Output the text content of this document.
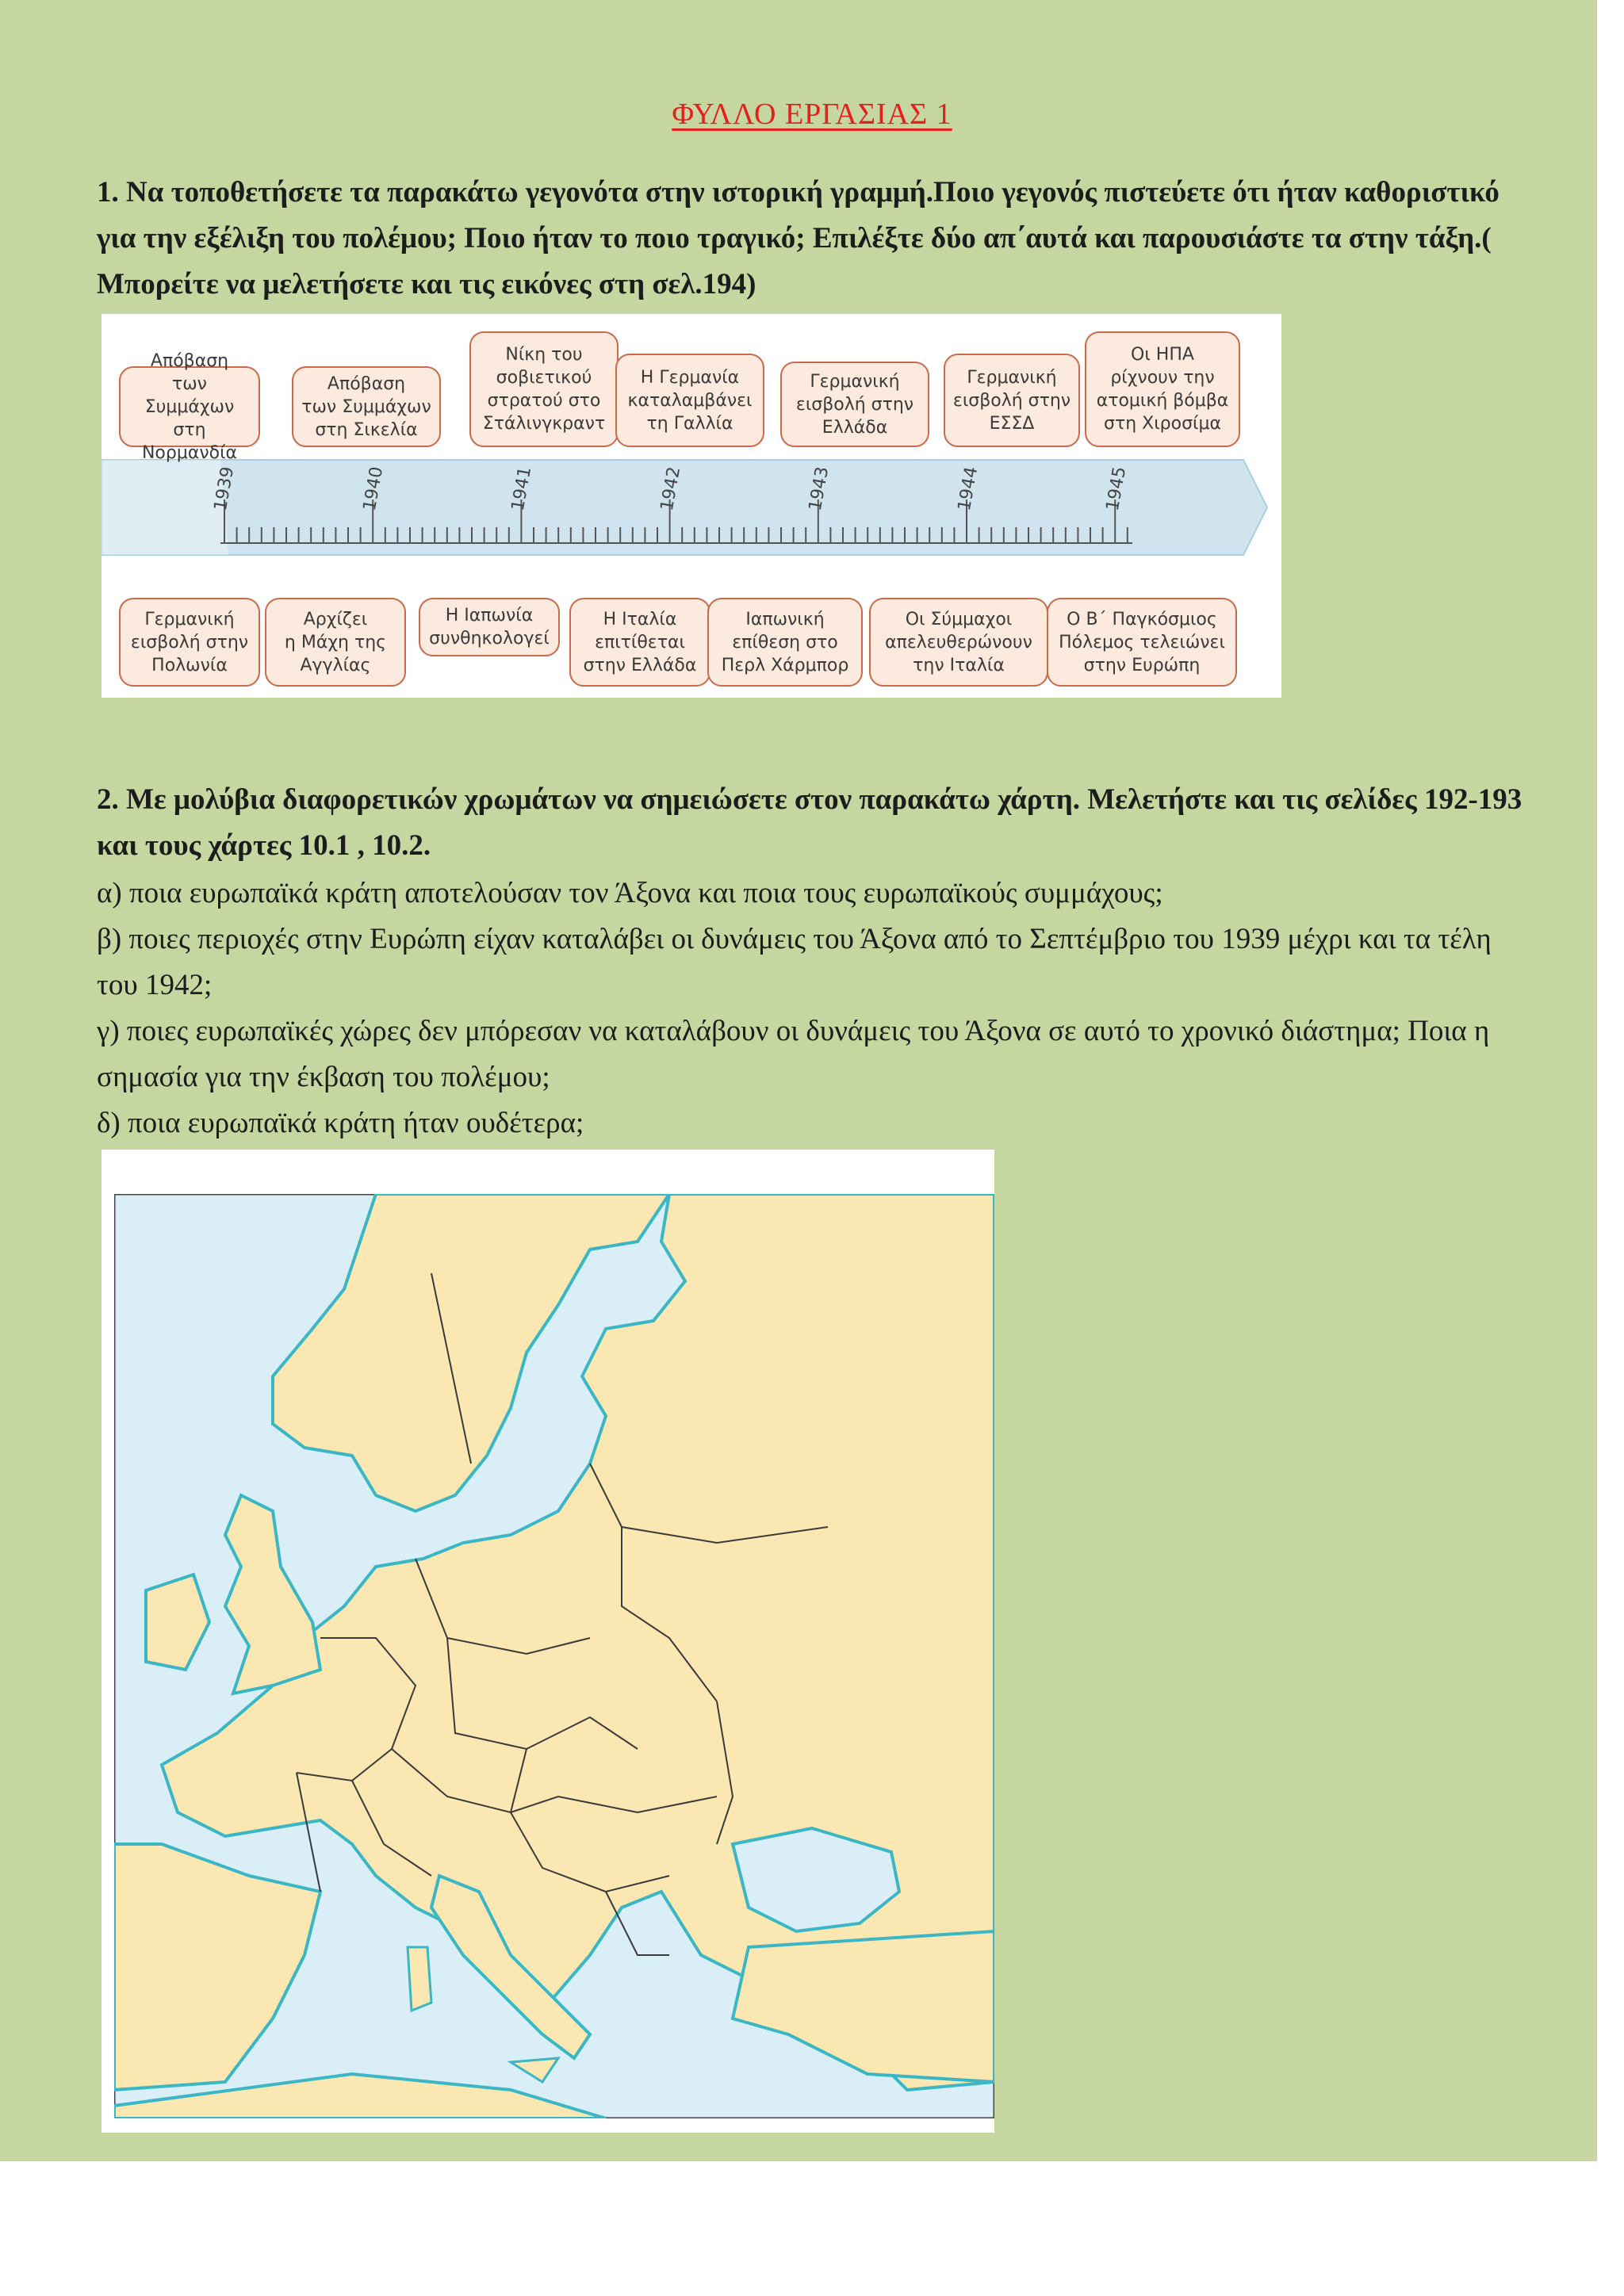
ΦΥΛΛΟ ΕΡΓΑΣΙΑΣ 1
1. Να τοποθετήσετε τα παρακάτω γεγονότα στην ιστορική γραμμή.Ποιο γεγονός πιστεύετε ότι ήταν καθοριστικό για την εξέλιξη του πολέμου; Ποιο ήταν το ποιο τραγικό; Επιλέξτε δύο απ΄αυτά και παρουσιάστε τα στην τάξη.( Μπορείτε να μελετήσετε και τις εικόνες στη σελ.194)
1939	1940	1941	1942	1943	1944	1945
Απόβαση
των Συμμάχων
στη Νορμανδία
Απόβαση
των Συμμάχων
στη Σικελία
Νίκη του
σοβιετικού
στρατού στο
Στάλινγκραντ
Η Γερμανία
καταλαμβάνει
τη Γαλλία
Γερμανική
εισβολή στην
Ελλάδα
Γερμανική
εισβολή στην
ΕΣΣΔ
Οι ΗΠΑ
ρίχνουν την
ατομική βόμβα
στη Χιροσίμα
Γερμανική
εισβολή στην
Πολωνία
Αρχίζει
η Μάχη της
Αγγλίας
Η Ιαπωνία
συνθηκολογεί
Η Ιταλία
επιτίθεται
στην Ελλάδα
Ιαπωνική
επίθεση στο
Περλ Χάρμπορ
Οι Σύμμαχοι
απελευθερώνουν
την Ιταλία
Ο Β΄ Παγκόσμιος
Πόλεμος τελειώνει
στην Ευρώπη
2. Με μολύβια διαφορετικών χρωμάτων να σημειώσετε στον παρακάτω χάρτη. Μελετήστε και τις σελίδες 192-193 και τους χάρτες 10.1 , 10.2.
α) ποια ευρωπαϊκά κράτη αποτελούσαν τον Άξονα και ποια τους ευρωπαϊκούς συμμάχους;
β) ποιες περιοχές στην Ευρώπη είχαν καταλάβει οι δυνάμεις του Άξονα από το Σεπτέμβριο του 1939 μέχρι και τα τέλη του 1942;
γ) ποιες ευρωπαϊκές χώρες δεν μπόρεσαν να καταλάβουν οι δυνάμεις του Άξονα σε αυτό το χρονικό διάστημα; Ποια η σημασία για την έκβαση του πολέμου;
δ) ποια ευρωπαϊκά κράτη ήταν ουδέτερα;
